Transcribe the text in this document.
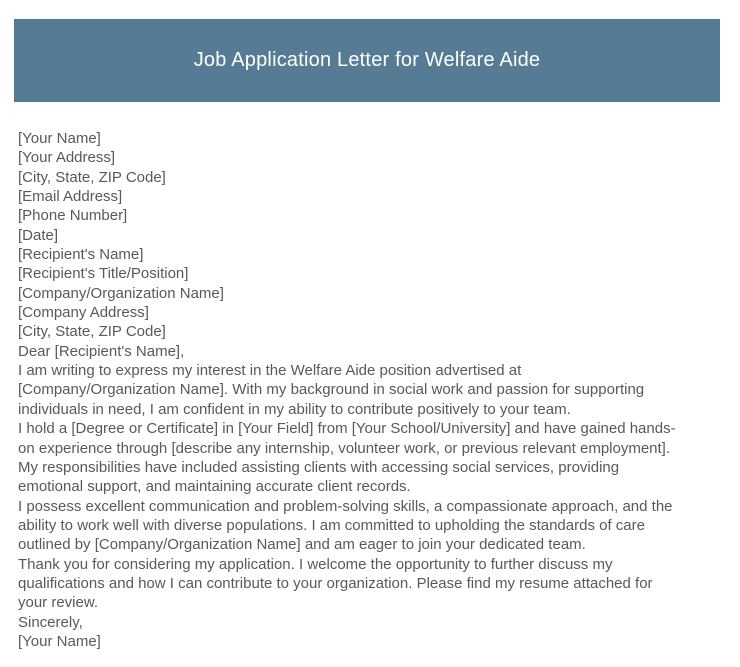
Job Application Letter for Welfare Aide
[Your Name]
[Your Address]
[City, State, ZIP Code]
[Email Address]
[Phone Number]
[Date]
[Recipient's Name]
[Recipient's Title/Position]
[Company/Organization Name]
[Company Address]
[City, State, ZIP Code]
Dear [Recipient's Name],
I am writing to express my interest in the Welfare Aide position advertised at
[Company/Organization Name]. With my background in social work and passion for supporting
individuals in need, I am confident in my ability to contribute positively to your team.
I hold a [Degree or Certificate] in [Your Field] from [Your School/University] and have gained hands-
on experience through [describe any internship, volunteer work, or previous relevant employment].
My responsibilities have included assisting clients with accessing social services, providing
emotional support, and maintaining accurate client records.
I possess excellent communication and problem-solving skills, a compassionate approach, and the
ability to work well with diverse populations. I am committed to upholding the standards of care
outlined by [Company/Organization Name] and am eager to join your dedicated team.
Thank you for considering my application. I welcome the opportunity to further discuss my
qualifications and how I can contribute to your organization. Please find my resume attached for
your review.
Sincerely,
[Your Name]
